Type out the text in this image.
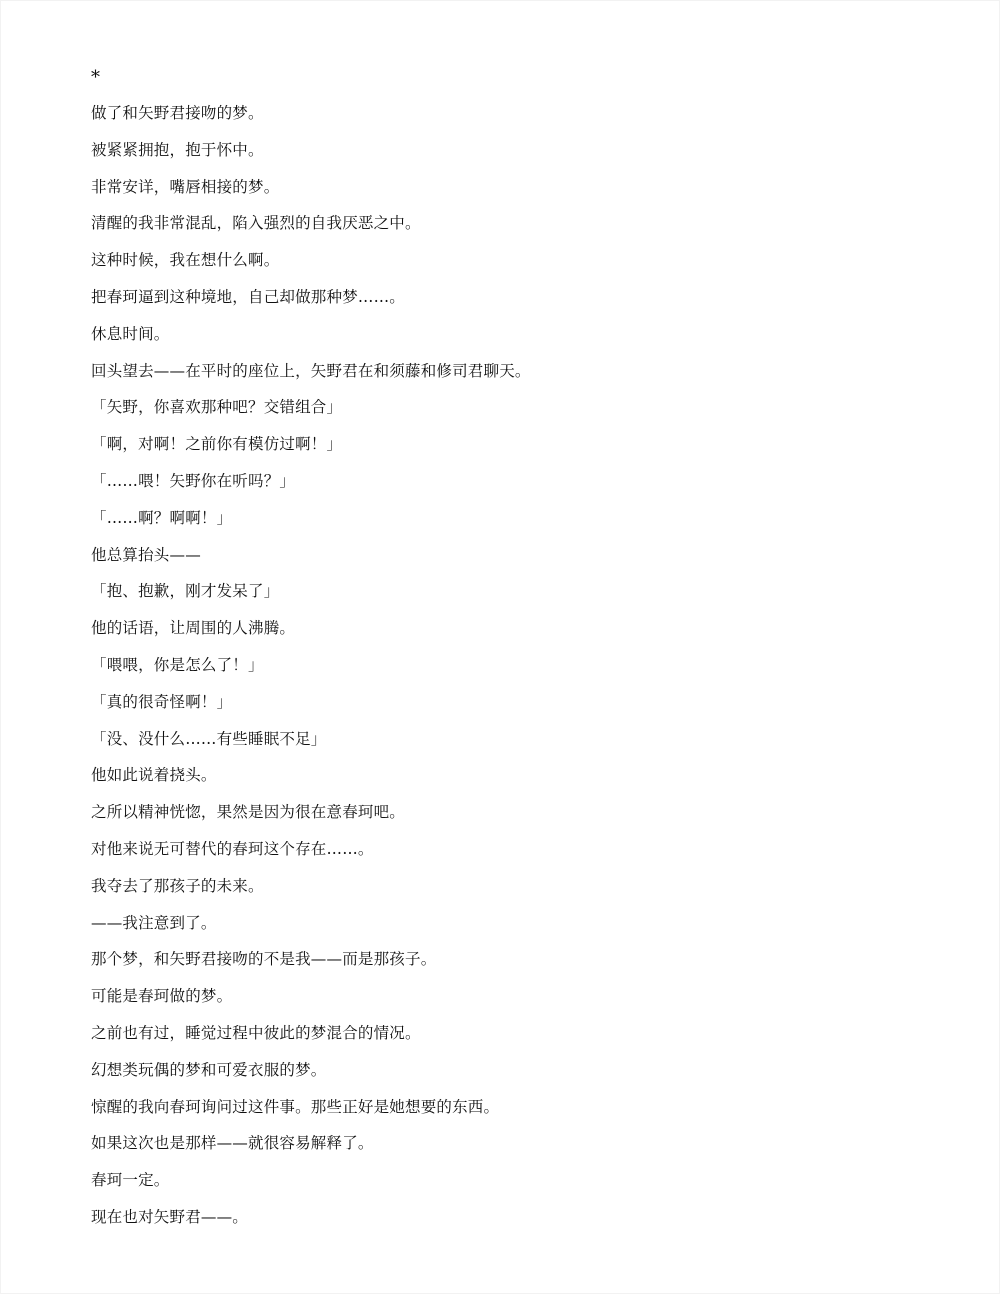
*
做了和矢野君接吻的梦。
被紧紧拥抱，抱于怀中。
非常安详，嘴唇相接的梦。
清醒的我非常混乱，陷入强烈的自我厌恶之中。
这种时候，我在想什么啊。
把春珂逼到这种境地，自己却做那种梦……。
休息时间。
回头望去——在平时的座位上，矢野君在和须藤和修司君聊天。
「矢野，你喜欢那种吧？交错组合」
「啊，对啊！之前你有模仿过啊！」
「……喂！矢野你在听吗？」
「……啊？啊啊！」
他总算抬头——
「抱、抱歉，刚才发呆了」
他的话语，让周围的人沸腾。
「喂喂，你是怎么了！」
「真的很奇怪啊！」
「没、没什么……有些睡眠不足」
他如此说着挠头。
之所以精神恍惚，果然是因为很在意春珂吧。
对他来说无可替代的春珂这个存在……。
我夺去了那孩子的未来。
——我注意到了。
那个梦，和矢野君接吻的不是我——而是那孩子。
可能是春珂做的梦。
之前也有过，睡觉过程中彼此的梦混合的情况。
幻想类玩偶的梦和可爱衣服的梦。
惊醒的我向春珂询问过这件事。那些正好是她想要的东西。
如果这次也是那样——就很容易解释了。
春珂一定。
现在也对矢野君——。
